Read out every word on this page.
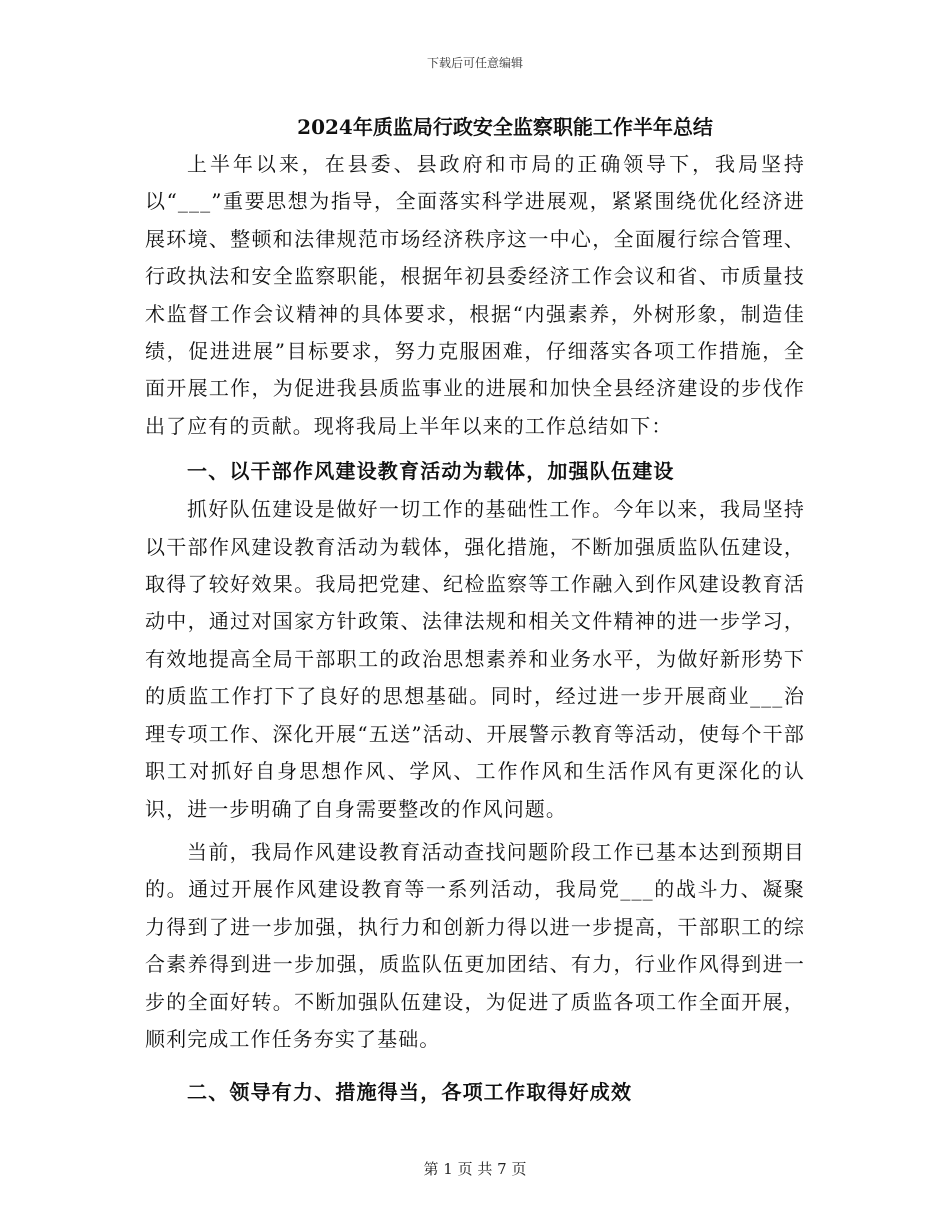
下载后可任意编辑
2024年质监局行政安全监察职能工作半年总结

上半年以来，在县委、县政府和市局的正确领导下，我局坚持以“___”重要思想为指导，全面落实科学进展观，紧紧围绕优化经济进展环境、整顿和法律规范市场经济秩序这一中心，全面履行综合管理、行政执法和安全监察职能，根据年初县委经济工作会议和省、市质量技术监督工作会议精神的具体要求，根据“内强素养，外树形象，制造佳绩，促进进展”目标要求，努力克服困难，仔细落实各项工作措施，全面开展工作，为促进我县质监事业的进展和加快全县经济建设的步伐作出了应有的贡献。现将我局上半年以来的工作总结如下：

一、以干部作风建设教育活动为载体，加强队伍建设

抓好队伍建设是做好一切工作的基础性工作。今年以来，我局坚持以干部作风建设教育活动为载体，强化措施，不断加强质监队伍建设，取得了较好效果。我局把党建、纪检监察等工作融入到作风建设教育活动中，通过对国家方针政策、法律法规和相关文件精神的进一步学习，有效地提高全局干部职工的政治思想素养和业务水平，为做好新形势下的质监工作打下了良好的思想基础。同时，经过进一步开展商业___治理专项工作、深化开展“五送”活动、开展警示教育等活动，使每个干部职工对抓好自身思想作风、学风、工作作风和生活作风有更深化的认识，进一步明确了自身需要整改的作风问题。

当前，我局作风建设教育活动查找问题阶段工作已基本达到预期目的。通过开展作风建设教育等一系列活动，我局党___的战斗力、凝聚力得到了进一步加强，执行力和创新力得以进一步提高，干部职工的综合素养得到进一步加强，质监队伍更加团结、有力，行业作风得到进一步的全面好转。不断加强队伍建设，为促进了质监各项工作全面开展，顺利完成工作任务夯实了基础。

二、领导有力、措施得当，各项工作取得好成效
第 1 页 共 7 页
